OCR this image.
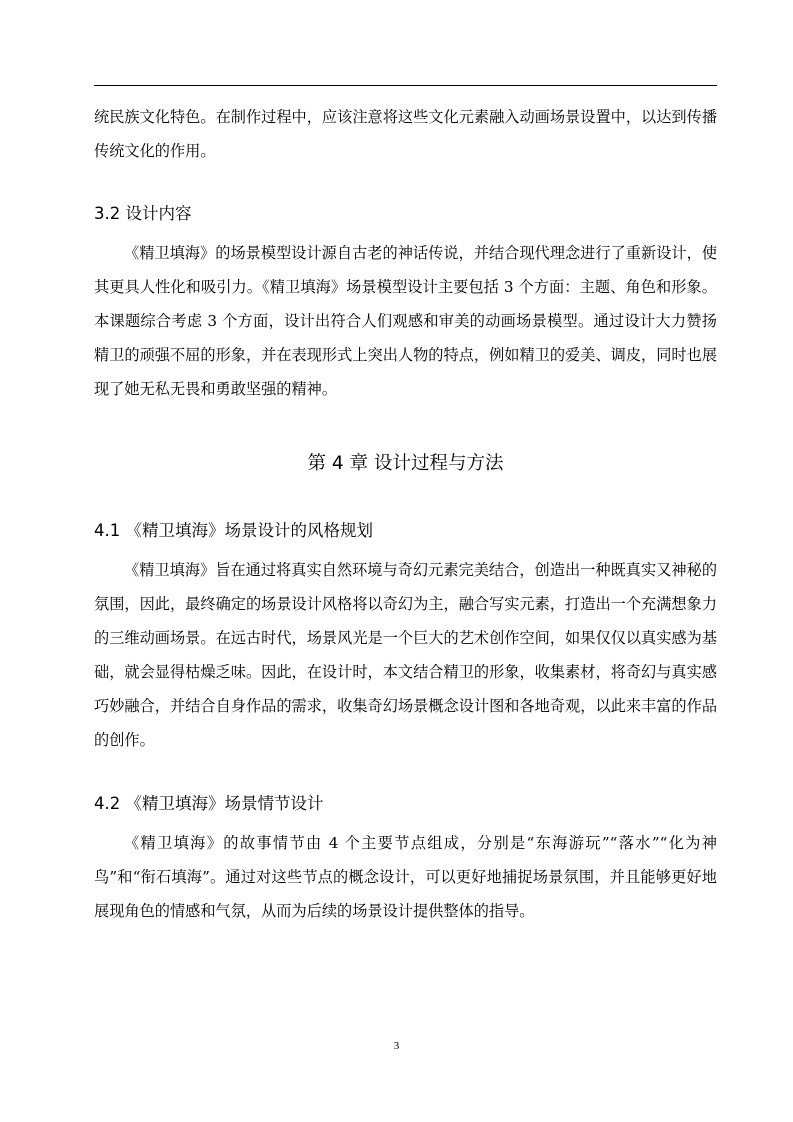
统民族文化特色。在制作过程中，应该注意将这些文化元素融入动画场景设置中，以达到传播传统文化的作用。

3.2 设计内容

《精卫填海》的场景模型设计源自古老的神话传说，并结合现代理念进行了重新设计，使其更具人性化和吸引力。《精卫填海》场景模型设计主要包括 3 个方面：主题、角色和形象。本课题综合考虑 3 个方面，设计出符合人们观感和审美的动画场景模型。通过设计大力赞扬精卫的顽强不屈的形象，并在表现形式上突出人物的特点，例如精卫的爱美、调皮，同时也展现了她无私无畏和勇敢坚强的精神。

第 4 章 设计过程与方法
4.1 《精卫填海》场景设计的风格规划

《精卫填海》旨在通过将真实自然环境与奇幻元素完美结合，创造出一种既真实又神秘的氛围，因此，最终确定的场景设计风格将以奇幻为主，融合写实元素，打造出一个充满想象力的三维动画场景。在远古时代，场景风光是一个巨大的艺术创作空间，如果仅仅以真实感为基础，就会显得枯燥乏味。因此，在设计时，本文结合精卫的形象，收集素材，将奇幻与真实感巧妙融合，并结合自身作品的需求，收集奇幻场景概念设计图和各地奇观，以此来丰富的作品的创作。

4.2 《精卫填海》场景情节设计

《精卫填海》的故事情节由 4 个主要节点组成，分别是“东海游玩”“落水”“化为神鸟”和“衔石填海”。通过对这些节点的概念设计，可以更好地捕捉场景氛围，并且能够更好地展现角色的情感和气氛，从而为后续的场景设计提供整体的指导。

3
